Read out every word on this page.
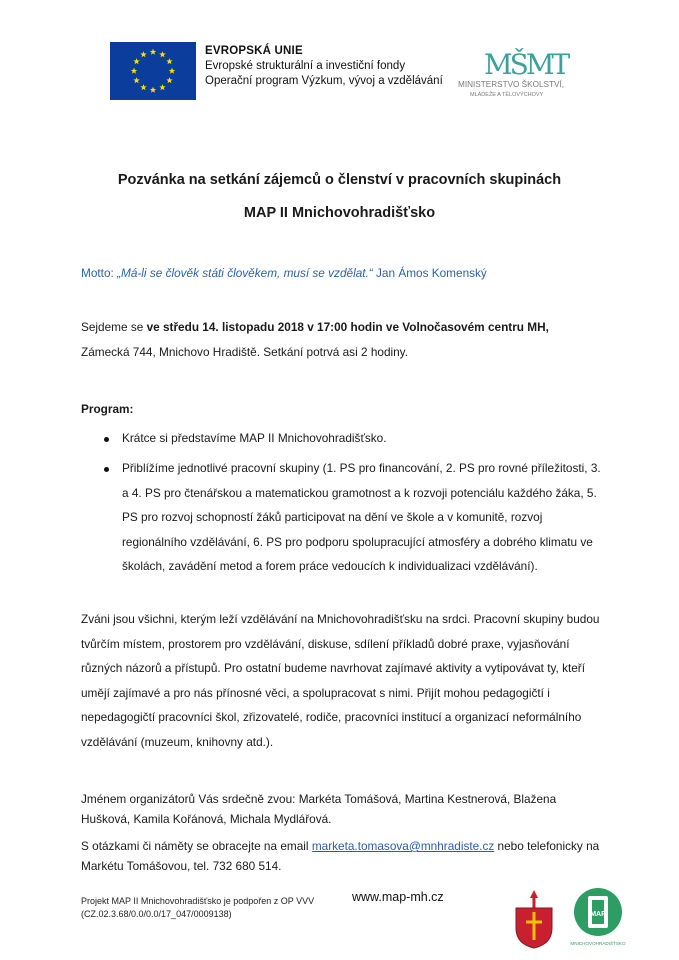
EVROPSKÁ UNIE
Evropské strukturální a investiční fondy
Operační program Výzkum, vývoj a vzdělávání MŠMT
MINISTERSTVO ŠKOLSTVÍ,
MLÁDEŽE A TĚLOVÝCHOVY
Pozvánka na setkání zájemců o členství v pracovních skupinách
MAP II Mnichovohradišťsko
Motto: „Má-li se člověk státi člověkem, musí se vzdělat.“ Jan Ámos Komenský
Sejdeme se ve středu 14. listopadu 2018 v 17:00 hodin ve Volnočasovém centru MH,
Zámecká 744, Mnichovo Hradiště. Setkání potrvá asi 2 hodiny.
Program:
Krátce si představíme MAP II Mnichovohradišťsko.
Přiblížíme jednotlivé pracovní skupiny (1. PS pro financování, 2. PS pro rovné příležitosti, 3. a 4. PS pro čtenářskou a matematickou gramotnost a k rozvoji potenciálu každého žáka, 5. PS pro rozvoj schopností žáků participovat na dění ve škole a v komunitě, rozvoj regionálního vzdělávání, 6. PS pro podporu spolupracující atmosféry a dobrého klimatu ve školách, zavádění metod a forem práce vedoucích k individualizaci vzdělávání).
Zváni jsou všichni, kterým leží vzdělávání na Mnichovohradišťsku na srdci. Pracovní skupiny budou tvůrčím místem, prostorem pro vzdělávání, diskuse, sdílení příkladů dobré praxe, vyjasňování různých názorů a přístupů. Pro ostatní budeme navrhovat zajímavé aktivity a vytipovávat ty, kteří umějí zajímavé a pro nás přínosné věci, a spolupracovat s nimi. Přijít mohou pedagogičtí i nepedagogičtí pracovníci škol, zřizovatelé, rodiče, pracovníci institucí a organizací neformálního vzdělávání (muzeum, knihovny atd.).
Jménem organizátorů Vás srdečně zvou: Markéta Tomášová, Martina Kestnerová, Blažena Hušková, Kamila Kořánová, Michala Mydlářová.
S otázkami či náměty se obracejte na email marketa.tomasova@mnhradiste.cz nebo telefonicky na Markétu Tomášovou, tel. 732 680 514.
Projekt MAP II Mnichovohradišťsko je podpořen z OP VVV
(CZ.02.3.68/0.0/0.0/17_047/0009138)
www.map-mh.cz
MAP
MNICHOVOHRADIŠŤSKO
